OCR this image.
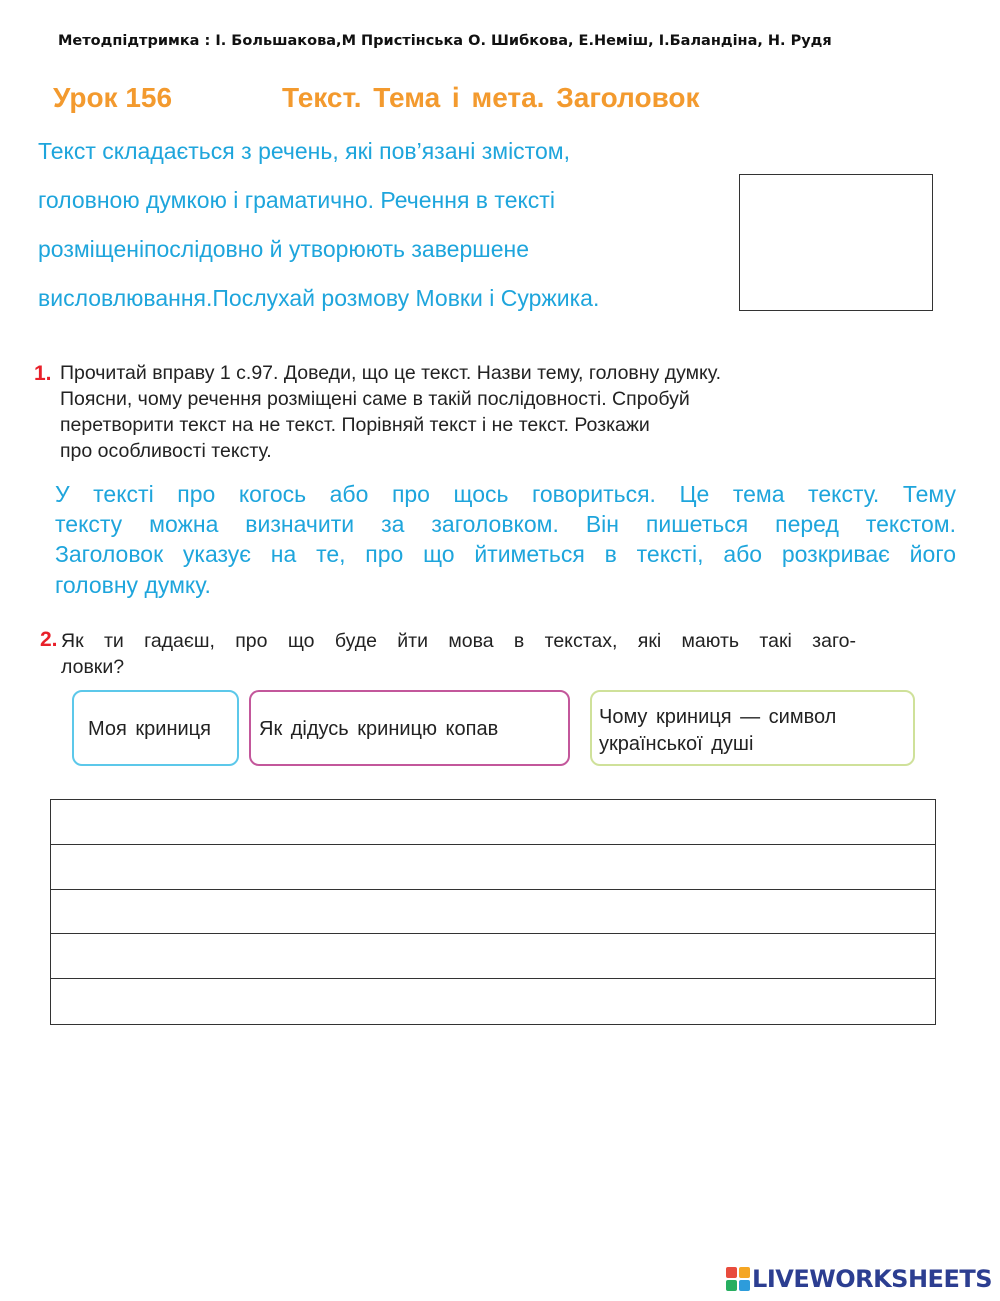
Методпідтримка : І. Большакова,М Пристінська О. Шибкова, Е.Неміш, І.Баландіна, Н. Рудя
Урок 156	Текст. Тема і мета. Заголовок
Текст складається з речень, які пов’язані змістом,
головною думкою і граматично. Речення в тексті
розміщеніпослідовно й утворюють завершене
висловлювання.Послухай розмову Мовки і Суржика.
1. Прочитай вправу 1 с.97. Доведи, що це текст. Назви тему, головну думку.
Поясни, чому речення розміщені саме в такій послідовності. Спробуй
перетворити текст на не текст. Порівняй текст і не текст. Розкажи
про особливості тексту.
У тексті про когось або про щось говориться. Це тема тексту. Тему
тексту можна визначити за заголовком. Він пишеться перед текстом.
Заголовок указує на те, про що йтиметься в тексті, або розкриває його
головну думку.
2. Як ти гадаєш, про що буде йти мова в текстах, які мають такі заго-
ловки?
Моя криниця Як дідусь криницю копав
Чому криниця — символ
української душі
LIVEWORKSHEETS
